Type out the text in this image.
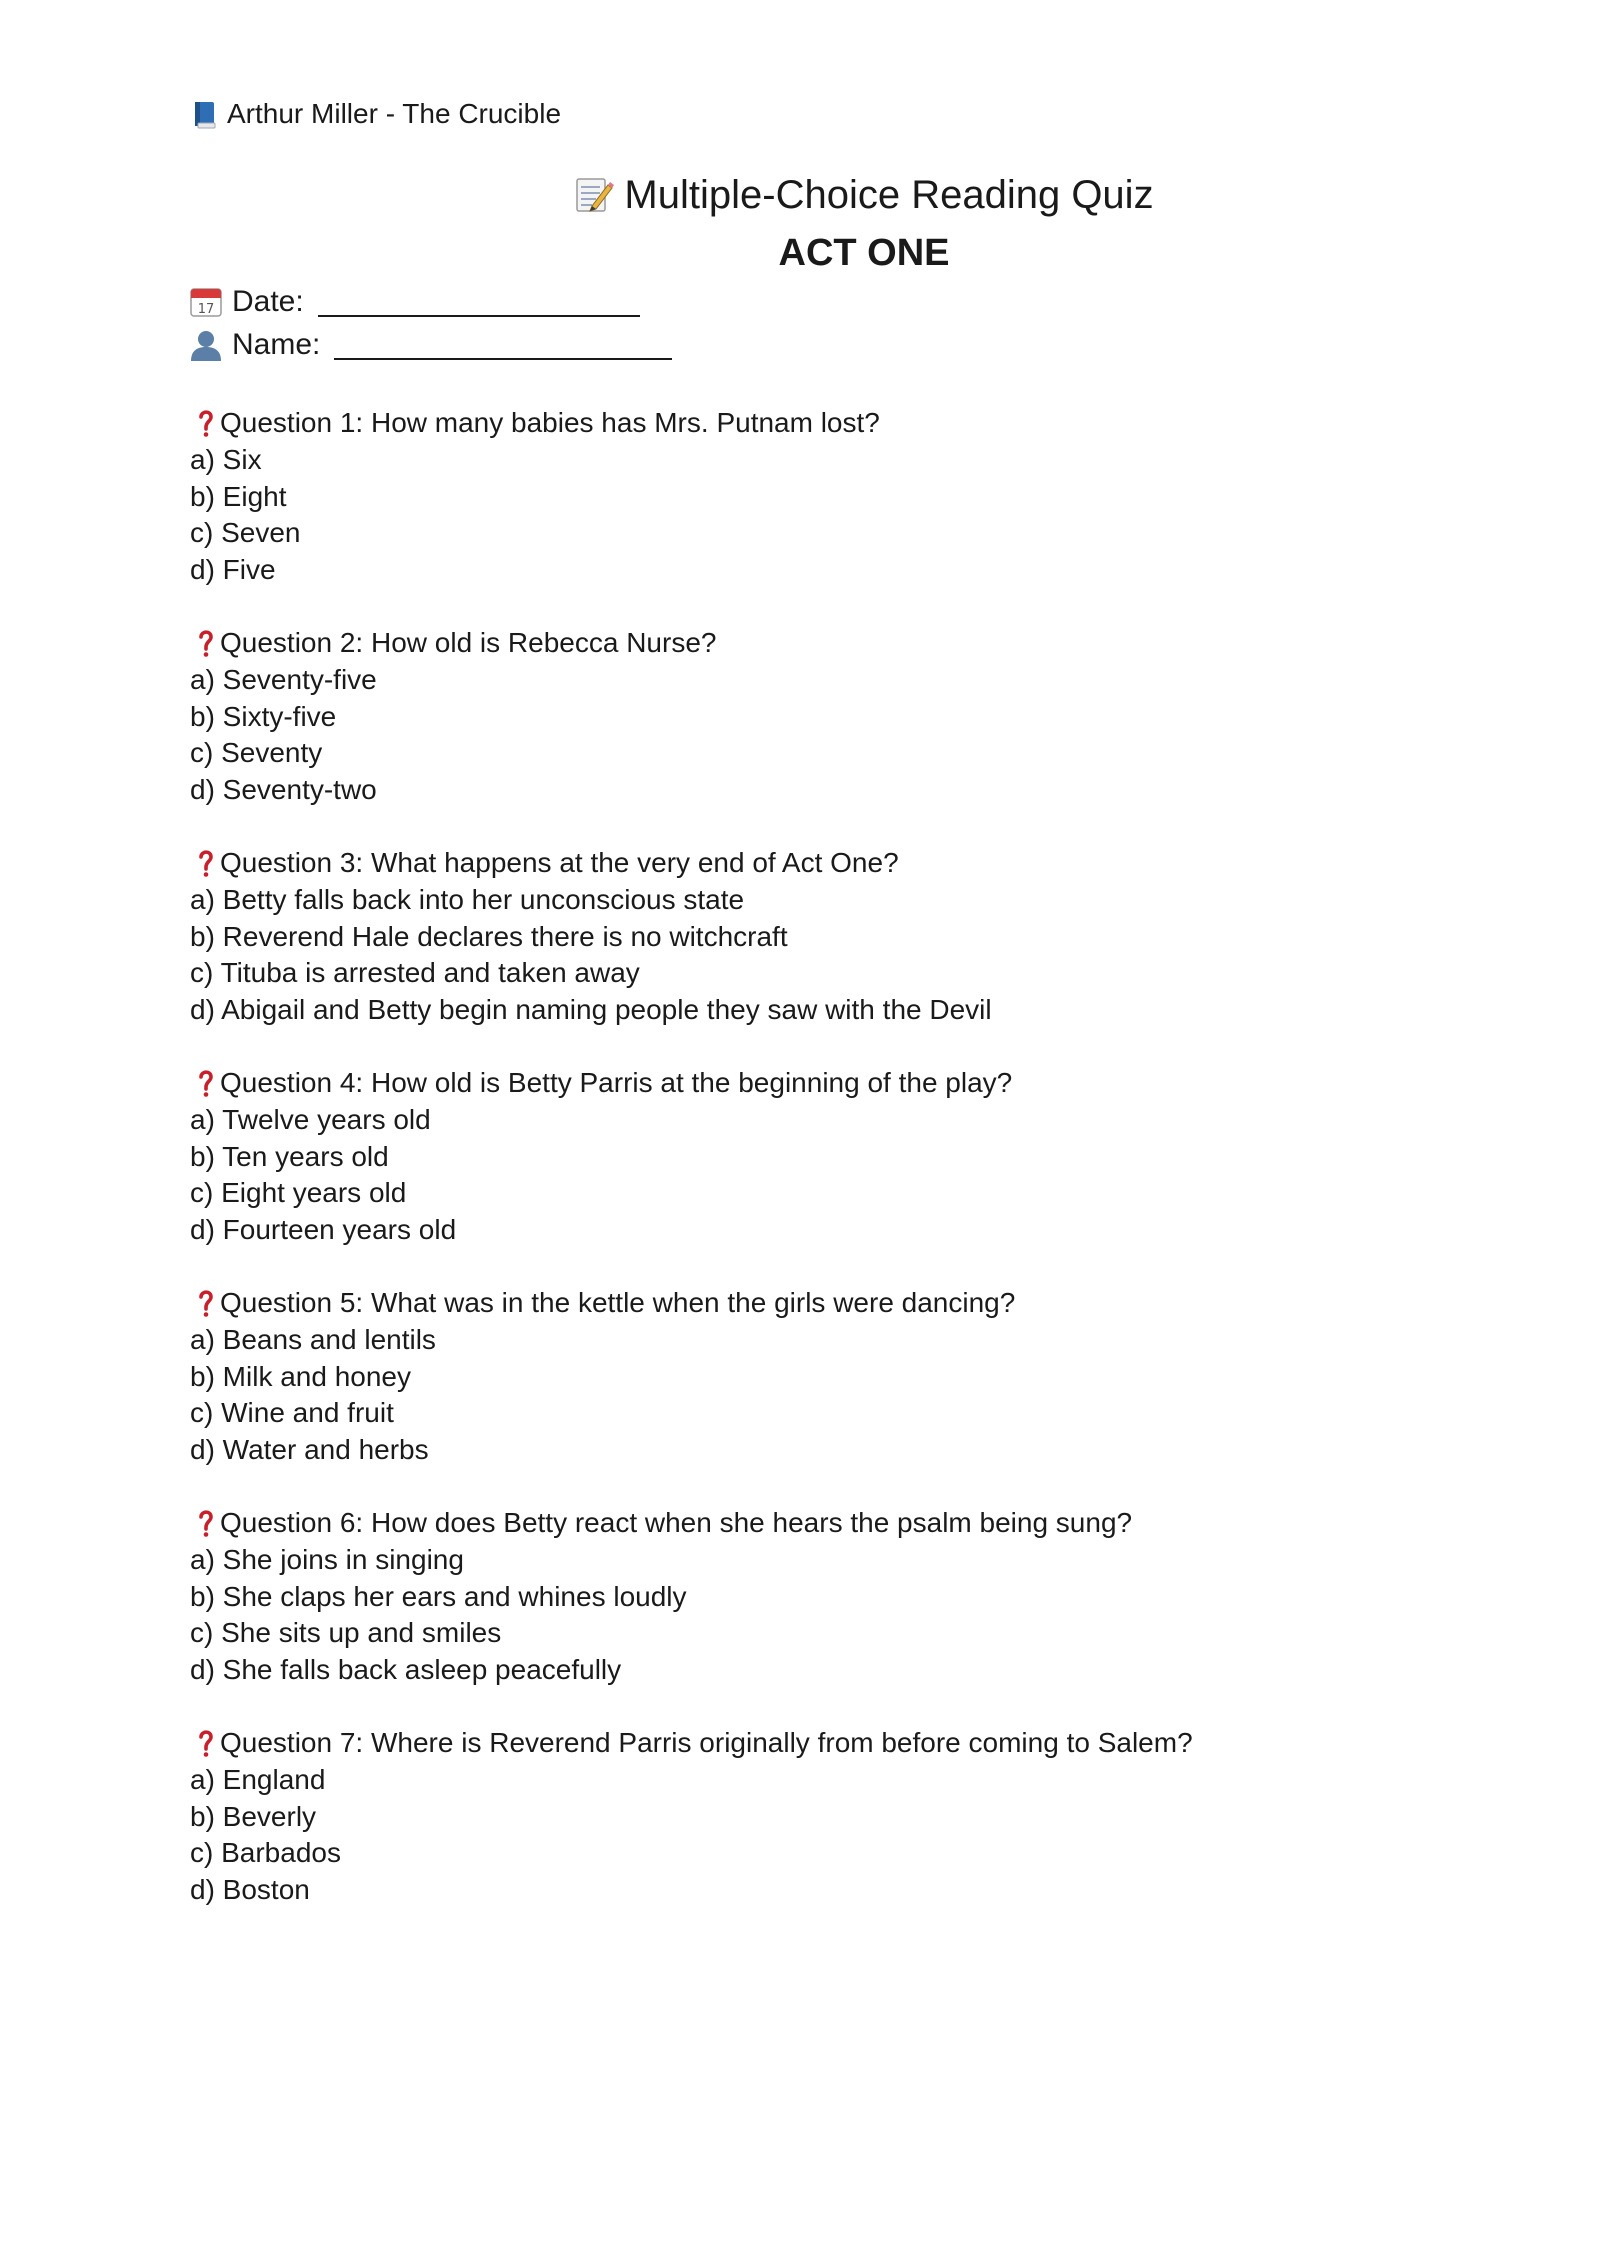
Arthur Miller - The Crucible
Multiple-Choice Reading Quiz
ACT ONE
17 Date:
Name:
Question 1: How many babies has Mrs. Putnam lost?
a) Six
b) Eight
c) Seven
d) Five
Question 2: How old is Rebecca Nurse?
a) Seventy-five
b) Sixty-five
c) Seventy
d) Seventy-two
Question 3: What happens at the very end of Act One?
a) Betty falls back into her unconscious state
b) Reverend Hale declares there is no witchcraft
c) Tituba is arrested and taken away
d) Abigail and Betty begin naming people they saw with the Devil
Question 4: How old is Betty Parris at the beginning of the play?
a) Twelve years old
b) Ten years old
c) Eight years old
d) Fourteen years old
Question 5: What was in the kettle when the girls were dancing?
a) Beans and lentils
b) Milk and honey
c) Wine and fruit
d) Water and herbs
Question 6: How does Betty react when she hears the psalm being sung?
a) She joins in singing
b) She claps her ears and whines loudly
c) She sits up and smiles
d) She falls back asleep peacefully
Question 7: Where is Reverend Parris originally from before coming to Salem?
a) England
b) Beverly
c) Barbados
d) Boston
